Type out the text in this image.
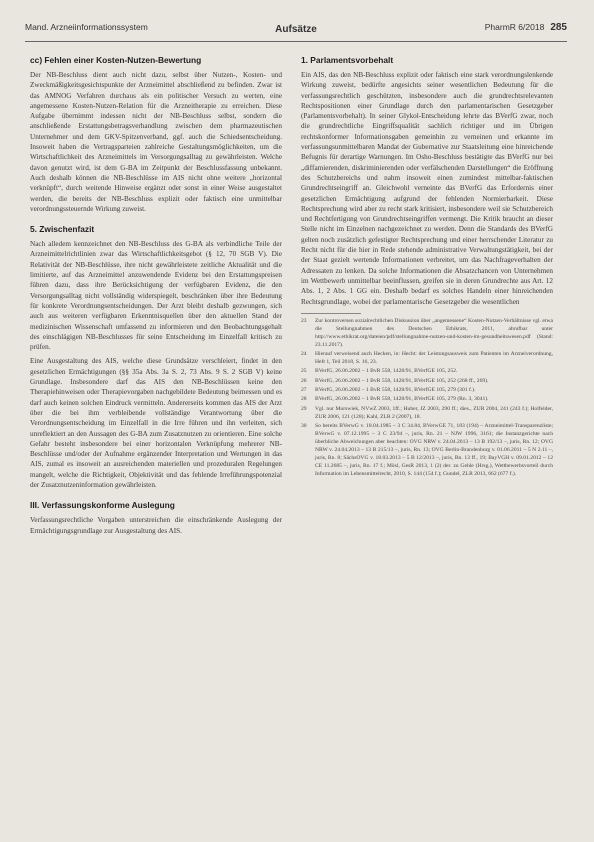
Mand. Arzneiinformationssystem	Aufsätze	PharmR 6/2018 285
cc) Fehlen einer Kosten-Nutzen-Bewertung

Der NB-Beschluss dient auch nicht dazu, selbst über Nutzen-, Kosten- und Zweckmäßigkeitsgesichtspunkte der Arzneimittel abschließend zu befinden. Zwar ist das AMNOG Verfahren durchaus als ein politischer Versuch zu werten, eine angemessene Kosten-Nutzen-Relation für die Arzneitherapie zu erreichen. Diese Aufgabe übernimmt indessen nicht der NB-Beschluss selbst, sondern die anschließende Erstattungsbetragsverhandlung zwischen dem pharmazeutischen Unternehmer und dem GKV-Spitzenverband, ggf. auch die Schiedsentscheidung. Insoweit haben die Vertragsparteien zahlreiche Gestaltungsmöglichkeiten, um die Wirtschaftlichkeit des Arzneimittels im Versorgungsalltag zu gewährleisten. Welche davon genutzt wird, ist dem G-BA im Zeitpunkt der Beschlussfassung unbekannt. Auch deshalb können die NB-Beschlüsse im AIS nicht ohne weitere „horizontal verknüpft“, durch weitende Hinweise ergänzt oder sonst in einer Weise ausgestaltet werden, die bereits der NB-Beschluss explizit oder faktisch eine unmittelbar verordnungssteuernde Wirkung zuweist.

5. Zwischenfazit

Nach alledem kennzeichnet den NB-Beschluss des G-BA als verbindliche Teile der Arzneimittelrichtlinien zwar das Wirtschaftlichkeitsgebot (§ 12, 70 SGB V). Die Relativität der NB-Beschlüsse, ihre nicht gewährleistete zeitliche Aktualität und die limitierte, auf das Arzneimittel anzuwendende Evidenz bei den Erstattungspreisen führen dazu, dass ihre Berücksichtigung der verfügbaren Evidenz, die den Versorgungsalltag nicht vollständig widerspiegelt, beschränken über ihre Bedeutung für konkrete Verordnungsentscheidungen. Der Arzt bleibt deshalb gezwungen, sich auch aus weiteren verfügbaren Erkenntnisquellen über den aktuellen Stand der medizinischen Wissenschaft umfassend zu informieren und den Beobachtungsgehalt des einschlägigen NB-Beschlusses für seine Entscheidung im Einzelfall kritisch zu prüfen.

Eine Ausgestaltung des AIS, welche diese Grundsätze verschleiert, findet in den gesetzlichen Ermächtigungen (§§ 35a Abs. 3a S. 2, 73 Abs. 9 S. 2 SGB V) keine Grundlage. Insbesondere darf das AIS den NB-Beschlüssen keine den Therapiehinweisen oder Therapievorgaben nachgebildete Bedeutung beimessen und es darf auch keinen solchen Eindruck vermitteln. Andererseits kommen das AIS der Arzt über die bei ihm verbleibende vollständige Verantwortung über die Verordnungsentscheidung im Einzelfall in die Irre führen und ihn verleiten, sich unreflektiert an den Aussagen des G-BA zum Zusatznutzen zu orientieren. Eine solche Gefahr besteht insbesondere bei einer horizontalen Verknüpfung mehrerer NB-Beschlüsse und/oder der Aufnahme ergänzender Interpretation und Wertungen in das AIS, zumal es insoweit an ausreichenden materiellen und prozeduralen Regelungen mangelt, welche die Richtigkeit, Objektivität und das fehlende Irreführungspotenzial der Zusatznutzeninformation gewährleisten.

III. Verfassungskonforme Auslegung

Verfassungsrechtliche Vorgaben unterstreichen die einschränkende Auslegung der Ermächtigungsgrundlage zur Ausgestaltung des AIS.

1. Parlamentsvorbehalt

Ein AIS, das den NB-Beschluss explizit oder faktisch eine stark verordnungslenkende Wirkung zuweist, bedürfte angesichts seiner wesentlichen Bedeutung für die verfassungsrechtlich geschützten, insbesondere auch die grundrechtsrelevanten Rechtspositionen einer Grundlage durch den parlamentarischen Gesetzgeber (Parlamentsvorbehalt). In seiner Glykol-Entscheidung lehrte das BVerfG zwar, noch die grundrechtliche Eingriffsqualität sachlich richtiger und im Übrigen rechtskonformer Informationsgaben gemeinhin zu verneinen und erkannte im verfassungsunmittelbaren Mandat der Gubernative zur Staatsleitung eine hinreichende Befugnis für derartige Warnungen. Im Osho-Beschluss bestätigte das BVerfG nur bei „diffamierenden, diskriminierenden oder verfälschenden Darstellungen“ die Eröffnung des Schutzbereichs und nahm insoweit einen zumindest mittelbar-faktischen Grundrechtseingriff an. Gleichwohl verneinte das BVerfG das Erfordernis einer gesetzlichen Ermächtigung aufgrund der fehlenden Normierbarkeit. Diese Rechtsprechung wird aber zu recht stark kritisiert, insbesondere weil sie Schutzbereich und Rechtfertigung von Grundrechtseingriffen vermengt. Die Kritik braucht an dieser Stelle nicht im Einzelnen nachgezeichnet zu werden. Denn die Standards des BVerfG gelten noch zusätzlich gefestigter Rechtsprechung und einer herrschender Literatur zu Recht nicht für die hier in Rede stehende administrative Verwaltungstätigkeit, bei der der Staat gezielt wertende Informationen verbreitet, um das Nachfrageverhalten der Adressaten zu lenken. Da solche Informationen die Absatzchancen von Unternehmen im Wettbewerb unmittelbar beeinflussen, greifen sie in deren Grundrechte aus Art. 12 Abs. 1, 2 Abs. 1 GG ein. Deshalb bedarf es solches Handeln einer hinreichenden Rechtsgrundlage, wobei der parlamentarische Gesetzgeber die wesentlichen

23 Zur kontroversen sozialrechtlichen Diskussion über „angemessene“ Kosten-Nutzen-Verhältnisse vgl. etwa die Stellungnahmen des Deutschen Ethikrats, 2011, abrufbar unter http://www.ethikrat.org/dateien/pdf/stellungnahme-nutzen-und-kosten-im-gesundheitswesen.pdf (Stand: 23.11.2017).

24 Hierauf verweisend auch Hecken, in: Hecht: der Leistungsausweis zum Patienten im Arzneiverordnung, Heft 1, Teil 2018, S. 16, 23.

25 BVerfG, 26.06.2002 – 1 BvR 558, 1428/91, BVerfGE 105, 252.

26 BVerfG, 26.06.2002 – 1 BvR 558, 1428/91, BVerfGE 105, 252 (268 ff., 269).

27 BVerfG, 26.06.2002 – 1 BvR 558, 1428/91, BVerfGE 105, 279 (301 f.).

28 BVerfG, 26.06.2002 – 1 BvR 558, 1428/91, BVerfGE 105, 279 (Rn. 3, 3041).

29 Vgl. nur Murswiek, NVwZ 2003, 1ff.; Huber, JZ 2003, 290 ff.; dies., ZUR 2004, 241 (243 f.); Holfelder, ZUR 2006, 121 (128); Kahl, ZLR 2 (2007), 18.

30 So bereits BVerwG v. 18.04.1985 – 3 C 34.84, BVerwGE 71, 183 (194) – Arzneimittel-Transparenzliste; BVerwG v. 07.12.1995 – 3 C 23/94 –, juris, Rn. 21 – NJW 1996, 3161; die Instanzgerichte nach überbliche Abweichungen aber beachten: OVG NRW v. 24.04.2013 – 13 B 192/13 –, juris, Rn. 12; OVG NRW v. 24.04.2013 – 13 B 215/13 –, juris, Rn. 13; OVG Berlin-Brandenburg v. 01.06.2011 – 5 N 2.11 –, juris, Rn. 8; SächsOVG v. 18.03.2013 – 5 B 12/2013 –, juris, Rn. 13 ff., 19; BayVGH v. 09.01.2012 – 12 CE 11.2685 –, juris, Rn. 17 f.; Mösl, GesR 2013, 1 (2) der. zu Gehle (Hrsg.), Wettbewerbsvorteil durch Information im Lebensmittelrecht, 2010, S. 144 (154 f.); Gundel, ZLR 2013, 662 (677 f.).
